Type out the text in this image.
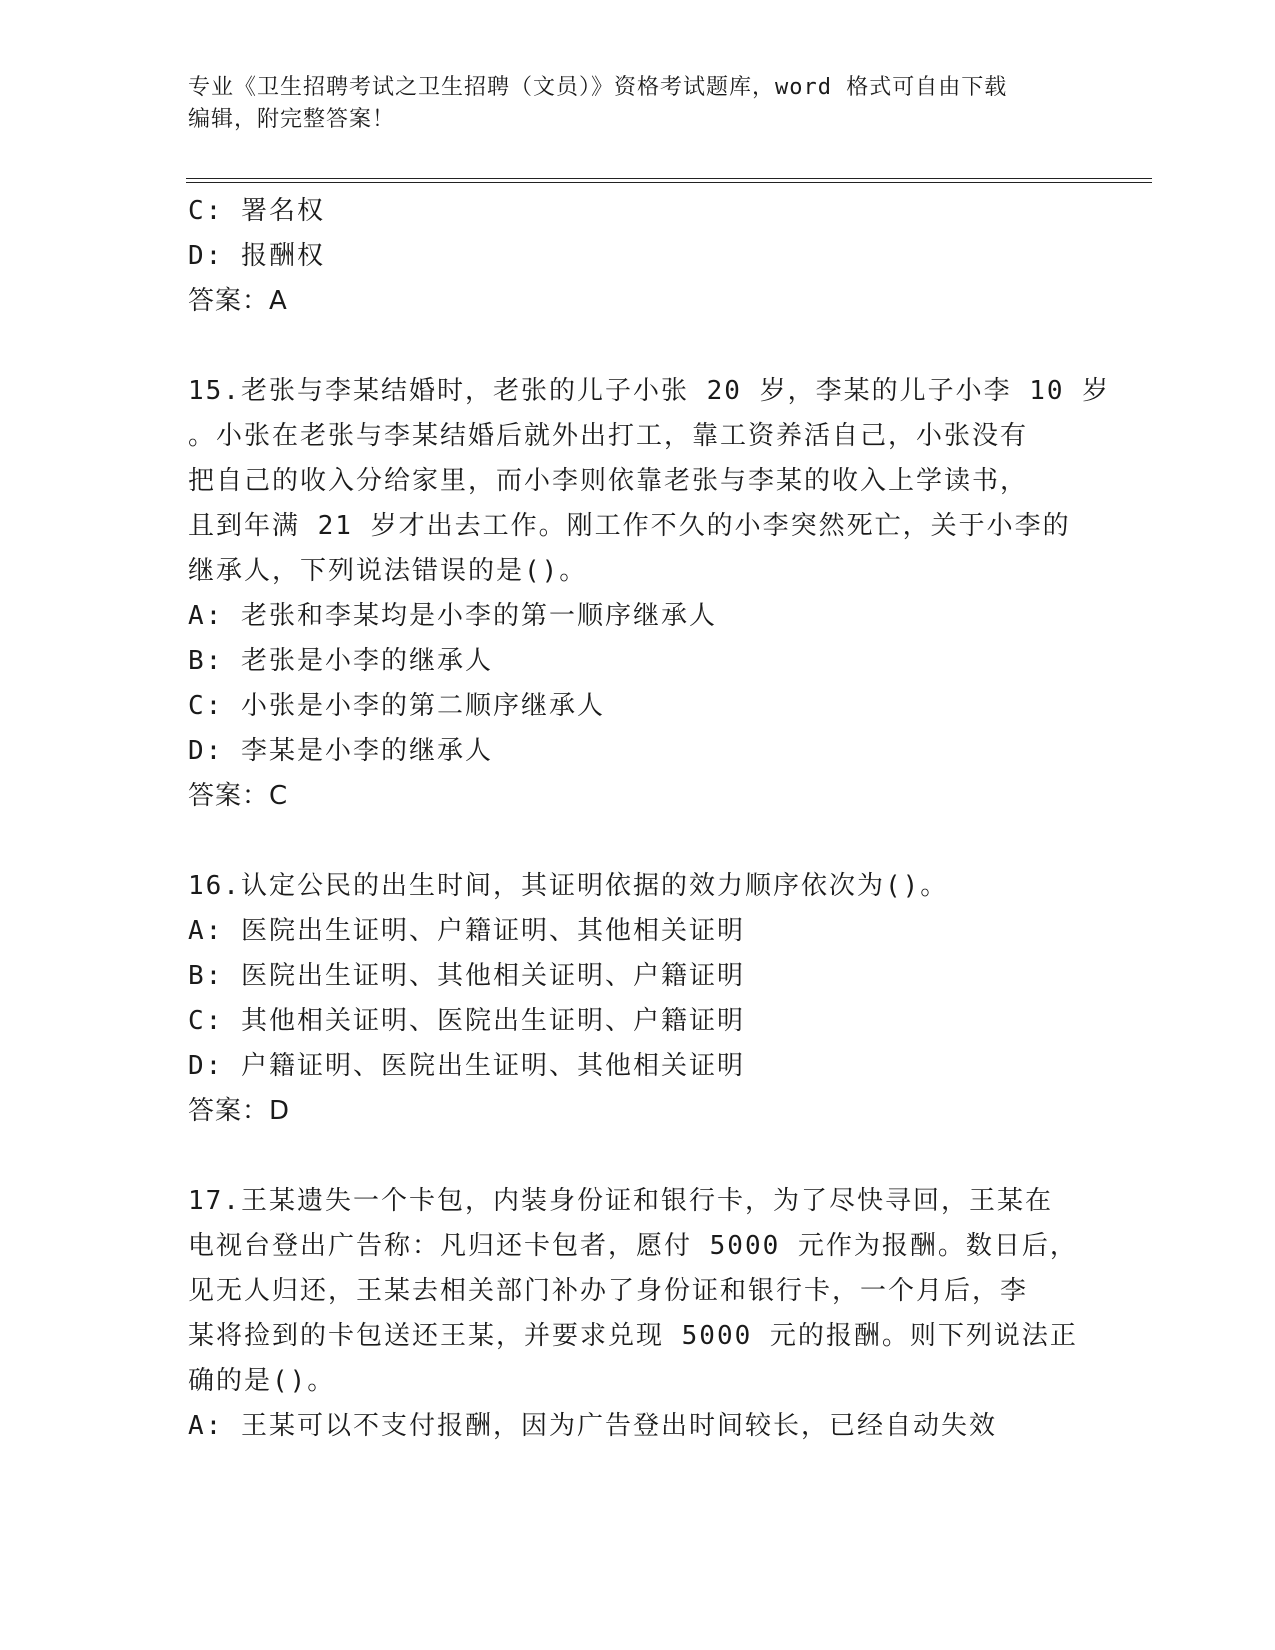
专业《卫生招聘考试之卫生招聘（文员）》资格考试题库，word 格式可自由下载
编辑，附完整答案！
C: 署名权
D: 报酬权
答案：A
15.老张与李某结婚时，老张的儿子小张 20 岁，李某的儿子小李 10 岁
。小张在老张与李某结婚后就外出打工，靠工资养活自己，小张没有
把自己的收入分给家里，而小李则依靠老张与李某的收入上学读书，
且到年满 21 岁才出去工作。刚工作不久的小李突然死亡，关于小李的
继承人，下列说法错误的是()。
A: 老张和李某均是小李的第一顺序继承人
B: 老张是小李的继承人
C: 小张是小李的第二顺序继承人
D: 李某是小李的继承人
答案：C
16.认定公民的出生时间，其证明依据的效力顺序依次为()。
A: 医院出生证明、户籍证明、其他相关证明
B: 医院出生证明、其他相关证明、户籍证明
C: 其他相关证明、医院出生证明、户籍证明
D: 户籍证明、医院出生证明、其他相关证明
答案：D
17.王某遗失一个卡包，内装身份证和银行卡，为了尽快寻回，王某在
电视台登出广告称：凡归还卡包者，愿付 5000 元作为报酬。数日后，
见无人归还，王某去相关部门补办了身份证和银行卡，一个月后，李
某将捡到的卡包送还王某，并要求兑现 5000 元的报酬。则下列说法正
确的是()。
A: 王某可以不支付报酬，因为广告登出时间较长，已经自动失效
